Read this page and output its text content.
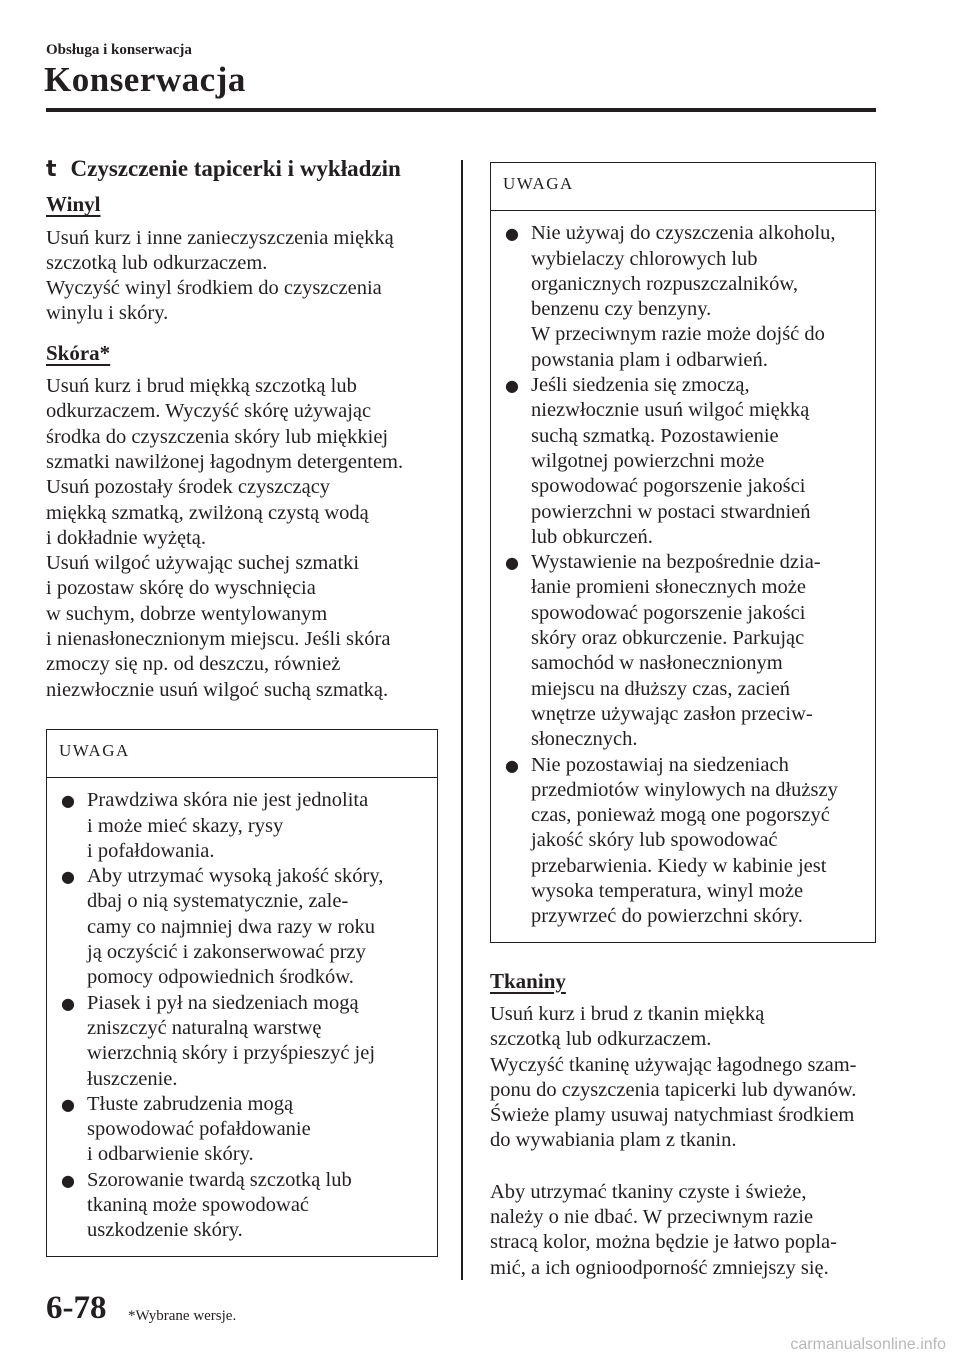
Obsługa i konserwacja
Konserwacja
t Czyszczenie tapicerki i wykładzin
Winyl

Usuń kurz i inne zanieczyszczenia miękką
szczotką lub odkurzaczem.
Wyczyść winyl środkiem do czyszczenia
winylu i skóry.

Skóra*

Usuń kurz i brud miękką szczotką lub
odkurzaczem. Wyczyść skórę używając
środka do czyszczenia skóry lub miękkiej
szmatki nawilżonej łagodnym detergentem.
Usuń pozostały środek czyszczący
miękką szmatką, zwilżoną czystą wodą
i dokładnie wyżętą.
Usuń wilgoć używając suchej szmatki
i pozostaw skórę do wyschnięcia
w suchym, dobrze wentylowanym
i nienasłonecznionym miejscu. Jeśli skóra
zmoczy się np. od deszczu, również
niezwłocznie usuń wilgoć suchą szmatką.

UWAGA
● Prawdziwa skóra nie jest jednolita
i może mieć skazy, rysy
i pofałdowania.
● Aby utrzymać wysoką jakość skóry,
dbaj o nią systematycznie, zale-
camy co najmniej dwa razy w roku
ją oczyścić i zakonserwować przy
pomocy odpowiednich środków.
● Piasek i pył na siedzeniach mogą
zniszczyć naturalną warstwę
wierzchnią skóry i przyśpieszyć jej
łuszczenie.
● Tłuste zabrudzenia mogą
spowodować pofałdowanie
i odbarwienie skóry.
● Szorowanie twardą szczotką lub
tkaniną może spowodować
uszkodzenie skóry.
UWAGA
● Nie używaj do czyszczenia alkoholu,
wybielaczy chlorowych lub
organicznych rozpuszczalników,
benzenu czy benzyny.
W przeciwnym razie może dojść do
powstania plam i odbarwień.
● Jeśli siedzenia się zmoczą,
niezwłocznie usuń wilgoć miękką
suchą szmatką. Pozostawienie
wilgotnej powierzchni może
spowodować pogorszenie jakości
powierzchni w postaci stwardnień
lub obkurczeń.
● Wystawienie na bezpośrednie dzia-
łanie promieni słonecznych może
spowodować pogorszenie jakości
skóry oraz obkurczenie. Parkując
samochód w nasłonecznionym
miejscu na dłuższy czas, zacień
wnętrze używając zasłon przeciw-
słonecznych.
● Nie pozostawiaj na siedzeniach
przedmiotów winylowych na dłuższy
czas, ponieważ mogą one pogorszyć
jakość skóry lub spowodować
przebarwienia. Kiedy w kabinie jest
wysoka temperatura, winyl może
przywrzeć do powierzchni skóry.
Tkaniny

Usuń kurz i brud z tkanin miękką
szczotką lub odkurzaczem.
Wyczyść tkaninę używając łagodnego szam-
ponu do czyszczenia tapicerki lub dywanów.
Świeże plamy usuwaj natychmiast środkiem
do wywabiania plam z tkanin.

Aby utrzymać tkaniny czyste i świeże,
należy o nie dbać. W przeciwnym razie
stracą kolor, można będzie je łatwo popla-
mić, a ich ognioodporność zmniejszy się.

6-78 *Wybrane wersje.
carmanualsonline.info
